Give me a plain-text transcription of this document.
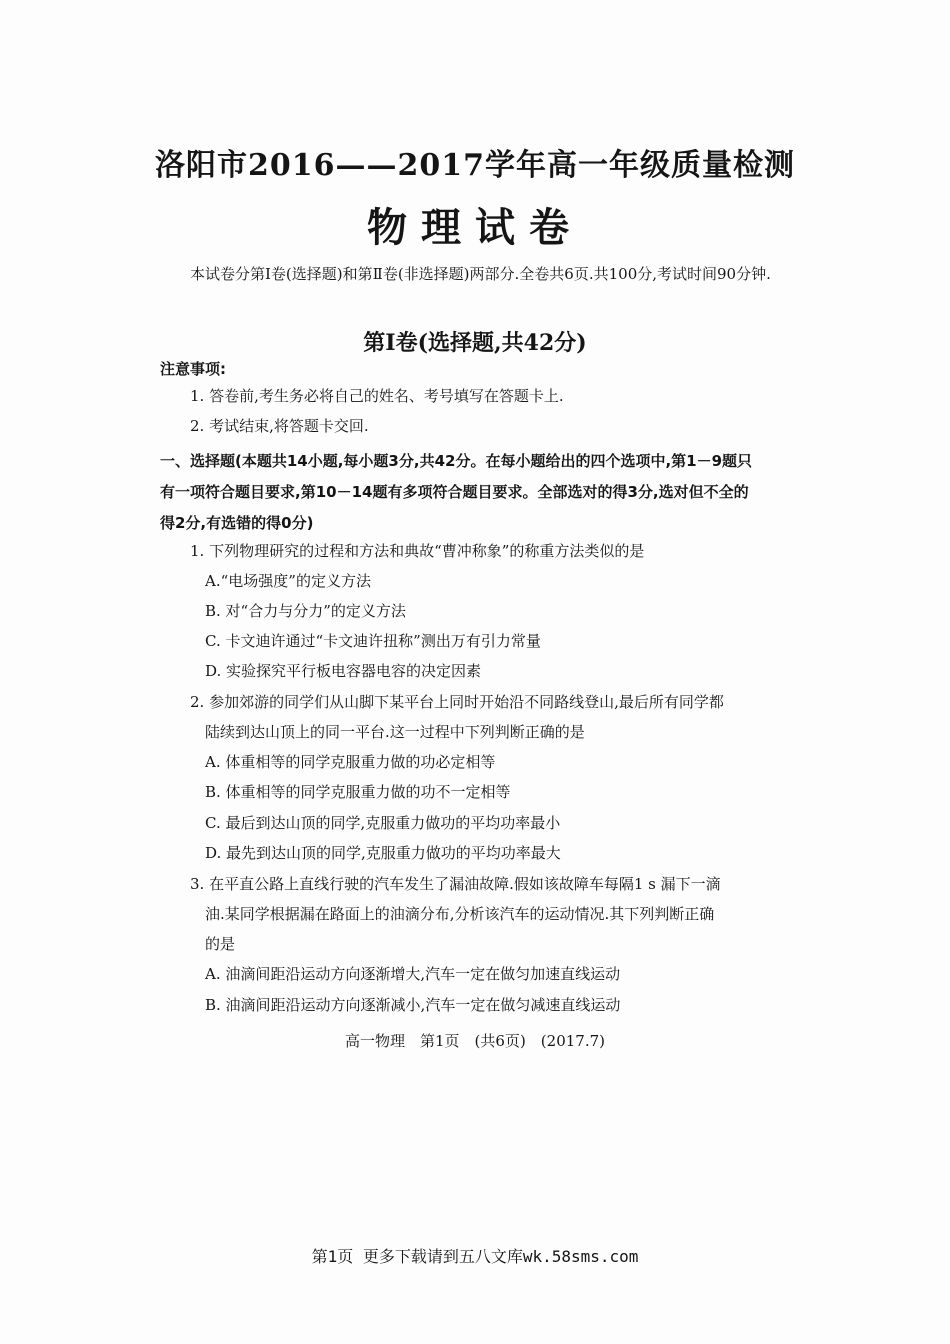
洛阳市2016——2017学年高一年级质量检测
物理试卷
本试卷分第Ⅰ卷(选择题)和第Ⅱ卷(非选择题)两部分.全卷共6页.共100分,考试时间90分钟.
第Ⅰ卷(选择题,共42分)
注意事项:
1. 答卷前,考生务必将自己的姓名、考号填写在答题卡上.
2. 考试结束,将答题卡交回.
一、选择题(本题共14小题,每小题3分,共42分。在每小题给出的四个选项中,第1－9题只
有一项符合题目要求,第10－14题有多项符合题目要求。全部选对的得3分,选对但不全的
得2分,有选错的得0分)
1. 下列物理研究的过程和方法和典故“曹冲称象”的称重方法类似的是
A.“电场强度”的定义方法
B. 对“合力与分力”的定义方法
C. 卡文迪许通过“卡文迪许扭称”测出万有引力常量
D. 实验探究平行板电容器电容的决定因素
2. 参加郊游的同学们从山脚下某平台上同时开始沿不同路线登山,最后所有同学都
陆续到达山顶上的同一平台.这一过程中下列判断正确的是
A. 体重相等的同学克服重力做的功必定相等
B. 体重相等的同学克服重力做的功不一定相等
C. 最后到达山顶的同学,克服重力做功的平均功率最小
D. 最先到达山顶的同学,克服重力做功的平均功率最大
3. 在平直公路上直线行驶的汽车发生了漏油故障.假如该故障车每隔1 s 漏下一滴
油.某同学根据漏在路面上的油滴分布,分析该汽车的运动情况.其下列判断正确
的是
A. 油滴间距沿运动方向逐渐增大,汽车一定在做匀加速直线运动
B. 油滴间距沿运动方向逐渐减小,汽车一定在做匀减速直线运动
高一物理　第1页　(共6页)　(2017.7)
第1页 更多下载请到五八文库wk.58sms.com
